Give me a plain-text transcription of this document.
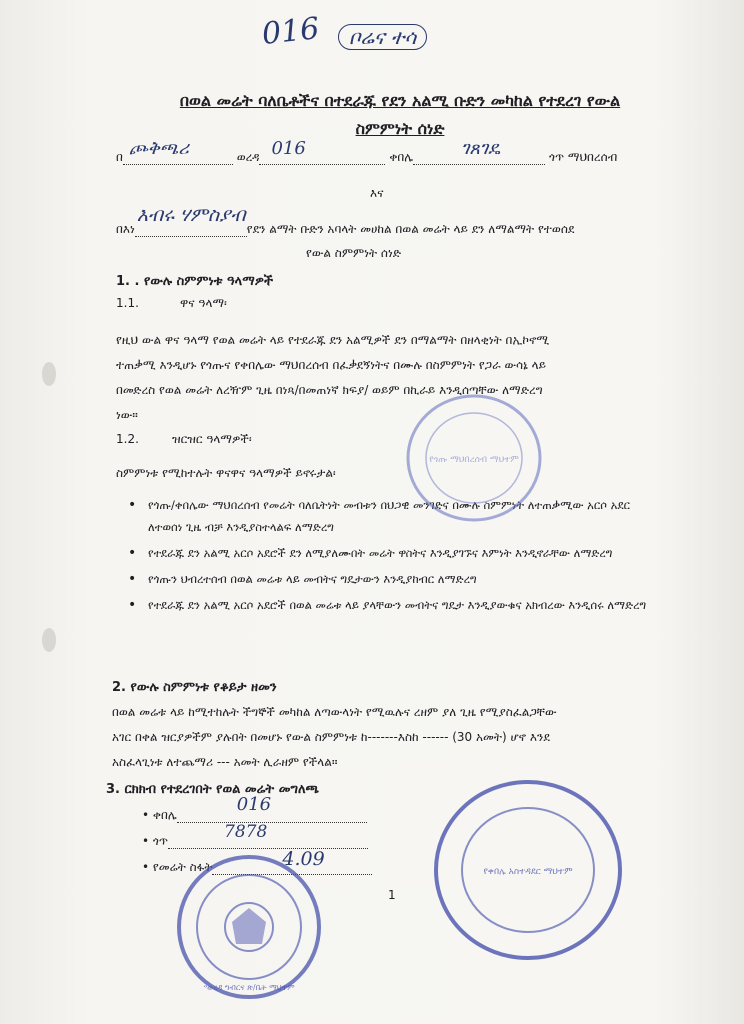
016	ቦሬና ተሳ
በወል መሬት ባለቤቶችና በተደራጁ የደን አልሚ ቡድን መካከል የተደረገ የውል
ስምምነት ሰነድ
በ ጮቅጫሪ	ወረዳ 016	ቀበሌ	ገጸገዴ	ጎጥ ማህበረሰብ
እና
በእነ
እብሩ ሃምስያብ
የደን ልማት ቡድን አባላት መሀከል በወል መሬት ላይ ደን ለማልማት የተወሰደ
የውል ስምምነት ሰነድ
1. . የውሉ ስምምነቱ ዓላማዎች
1.1.	ዋና ዓላማ፡
የዚህ ውል ዋና ዓላማ የወል መሬት ላይ የተደራጁ ደን አልሚዎች ደን በማልማት በዘላቂነት በኢኮኖሚ
ተጠቃሚ እንዲሆኑ የጎጡና የቀበሌው ማህበረሰብ በፈቃደኝነትና በሙሉ በስምምነት የጋራ ውሳኔ ላይ
በመድረስ የወል መሬት ለረዥም ጊዜ በነጻ/በመጠነኛ ክፍያ/ ወይም በኪራይ እንዲሰጣቸው ለማድረግ
ነው።
1.2.	ዝርዝር ዓላማዎች፡
ስምምነቱ የሚከተሉት ዋናዋና ዓላማዎች ይኖሩታል፡
• የጎጡ/ቀበሌው ማህበረሰብ የመሬት ባለቤትነት መብቱን በህጋዊ መንገድና በሙሉ ስምምነት ለተጠቃሚው አርሶ አደር ለተወሰነ ጊዜ ብቻ እንዲያስተላልፍ ለማድረግ
• የተደራጁ ደን አልሚ አርሶ አደሮች ደን ለሚያለሙበት መሬት ዋስትና እንዲያገኙና እምነት እንዲኖራቸው ለማድረግ
• የጎጡን ህብረተሰብ በወል መሬቱ ላይ መብትና ግዴታውን እንዲያከብር ለማድረግ
• የተደራጁ ደን አልሚ አርሶ አደሮች በወል መሬቱ ላይ ያላቸውን መብትና ግዴታ እንዲያውቁና አክብረው እንዲሰሩ ለማድረግ
የጎጡ ማህበረሰብ ማህተም
2. የውሉ ስምምነቱ የቆይታ ዘመን
በወል መሬቱ ላይ ከሚተከሉት ችግኞች መካከል ለጣውላነት የሚዉሉና ረዘም ያለ ጊዜ የሚያስፈልጋቸው
አገር በቀል ዝርያዎችም ያሉበት በመሆኑ የውል ስምምነቱ ከ-------እስከ ------ (30 አመት) ሆኖ እንደ
አስፈላጊነቱ ለተጨማሪ --- አመት ሊራዘም የችላል።
3. ርክክብ የተደረገበት የወል መሬት መግለጫ
• ቀበሌ	016
• ጎጥ	7878
• የመሬት ስፋት	4.09
1
የወረዳ ግብርና ጽ/ቤት ማህተም
የቀበሌ አስተዳደር ማህተም
